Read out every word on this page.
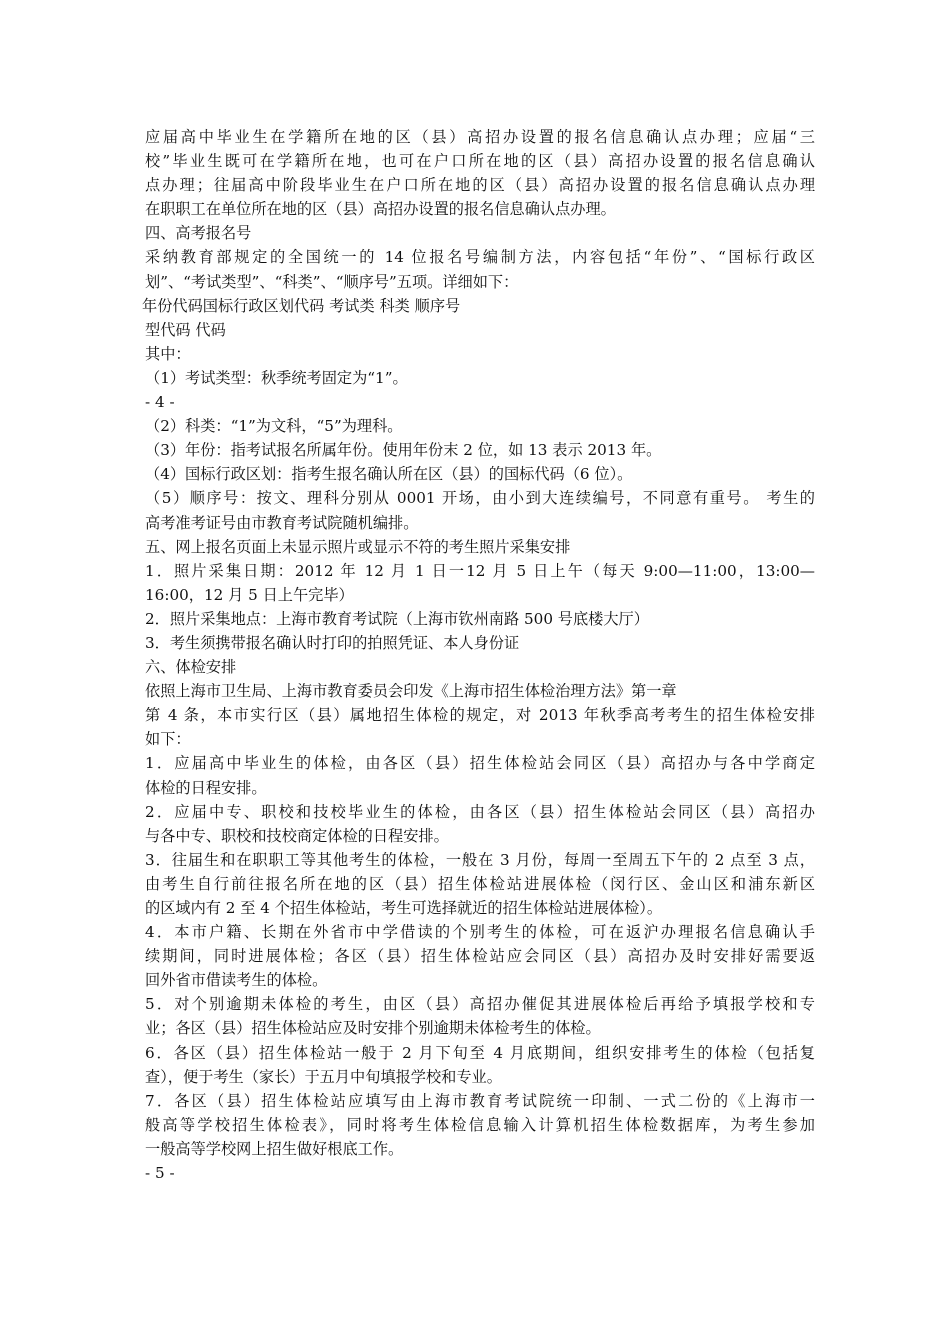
应届高中毕业生在学籍所在地的区（县）高招办设置的报名信息确认点办理；应届“三
校”毕业生既可在学籍所在地，也可在户口所在地的区（县）高招办设置的报名信息确认
点办理；往届高中阶段毕业生在户口所在地的区（县）高招办设置的报名信息确认点办理
在职职工在单位所在地的区（县）高招办设置的报名信息确认点办理。
四、高考报名号
采纳教育部规定的全国统一的 14 位报名号编制方法，内容包括“年份”、“国标行政区
划”、“考试类型”、“科类”、“顺序号”五项。详细如下：
年份代码国标行政区划代码 考试类 科类 顺序号
型代码 代码
其中：
（1）考试类型：秋季统考固定为“1”。
- 4 -
（2）科类：“1”为文科，“5”为理科。
（3）年份：指考试报名所属年份。使用年份末 2 位，如 13 表示 2013 年。
（4）国标行政区划：指考生报名确认所在区（县）的国标代码（6 位）。
（5）顺序号：按文、理科分别从 0001 开场，由小到大连续编号，不同意有重号。 考生的
高考准考证号由市教育考试院随机编排。
五、网上报名页面上未显示照片或显示不符的考生照片采集安排
1．照片采集日期：2012 年 12 月 1 日一12 月 5 日上午（每天 9:00—11:00，13:00—
16:00，12 月 5 日上午完毕）
2．照片采集地点：上海市教育考试院（上海市钦州南路 500 号底楼大厅）
3．考生须携带报名确认时打印的拍照凭证、本人身份证
六、体检安排
依照上海市卫生局、上海市教育委员会印发《上海市招生体检治理方法》第一章
第 4 条，本市实行区（县）属地招生体检的规定，对 2013 年秋季高考考生的招生体检安排
如下：
1．应届高中毕业生的体检，由各区（县）招生体检站会同区（县）高招办与各中学商定
体检的日程安排。
2．应届中专、职校和技校毕业生的体检，由各区（县）招生体检站会同区（县）高招办
与各中专、职校和技校商定体检的日程安排。
3．往届生和在职职工等其他考生的体检，一般在 3 月份，每周一至周五下午的 2 点至 3 点，
由考生自行前往报名所在地的区（县）招生体检站进展体检（闵行区、金山区和浦东新区
的区域内有 2 至 4 个招生体检站，考生可选择就近的招生体检站进展体检）。
4．本市户籍、长期在外省市中学借读的个别考生的体检，可在返沪办理报名信息确认手
续期间，同时进展体检；各区（县）招生体检站应会同区（县）高招办及时安排好需要返
回外省市借读考生的体检。
5．对个别逾期未体检的考生，由区（县）高招办催促其进展体检后再给予填报学校和专
业；各区（县）招生体检站应及时安排个别逾期未体检考生的体检。
6．各区（县）招生体检站一般于 2 月下旬至 4 月底期间，组织安排考生的体检（包括复
查），便于考生（家长）于五月中旬填报学校和专业。
7．各区（县）招生体检站应填写由上海市教育考试院统一印制、一式二份的《上海市一
般高等学校招生体检表》，同时将考生体检信息输入计算机招生体检数据库，为考生参加
一般高等学校网上招生做好根底工作。
- 5 -
